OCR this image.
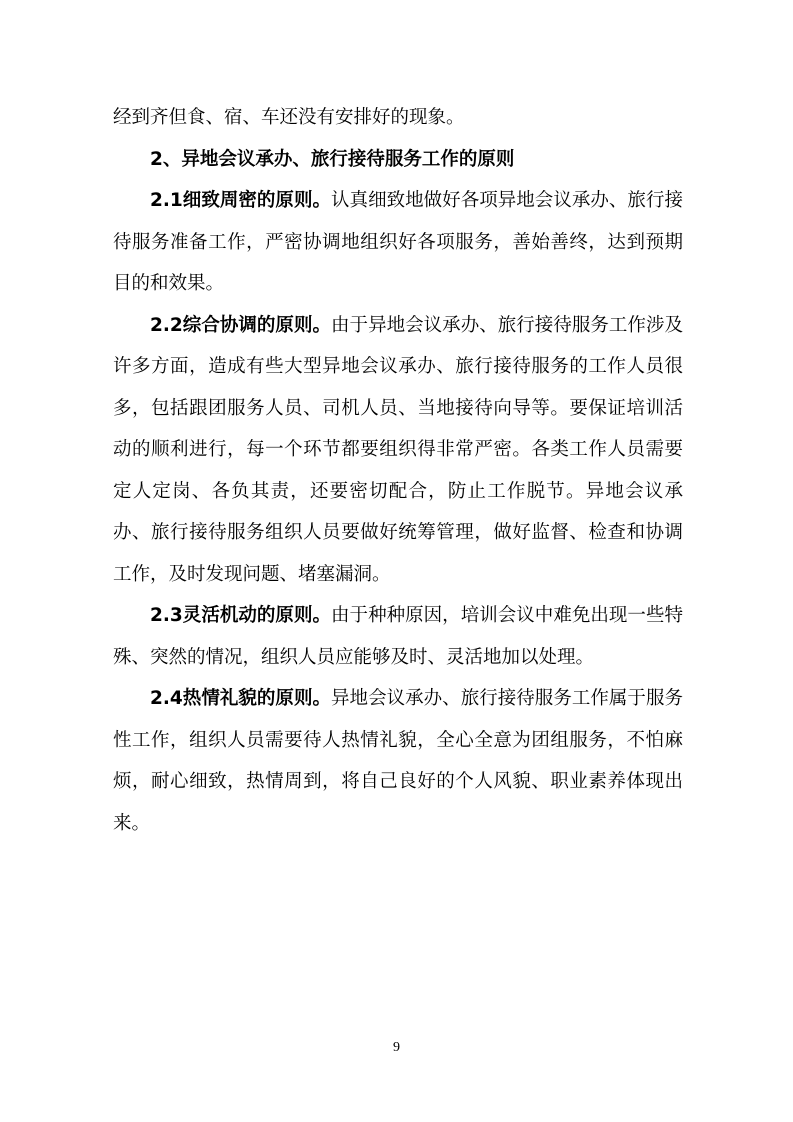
经到齐但食、宿、车还没有安排好的现象。

2、异地会议承办、旅行接待服务工作的原则

2.1细致周密的原则。认真细致地做好各项异地会议承办、旅行接待服务准备工作，严密协调地组织好各项服务，善始善终，达到预期目的和效果。

2.2综合协调的原则。由于异地会议承办、旅行接待服务工作涉及许多方面，造成有些大型异地会议承办、旅行接待服务的工作人员很多，包括跟团服务人员、司机人员、当地接待向导等。要保证培训活动的顺利进行，每一个环节都要组织得非常严密。各类工作人员需要定人定岗、各负其责，还要密切配合，防止工作脱节。异地会议承办、旅行接待服务组织人员要做好统筹管理，做好监督、检查和协调工作，及时发现问题、堵塞漏洞。

2.3灵活机动的原则。由于种种原因，培训会议中难免出现一些特殊、突然的情况，组织人员应能够及时、灵活地加以处理。

2.4热情礼貌的原则。异地会议承办、旅行接待服务工作属于服务性工作，组织人员需要待人热情礼貌，全心全意为团组服务，不怕麻烦，耐心细致，热情周到，将自己良好的个人风貌、职业素养体现出来。

9
